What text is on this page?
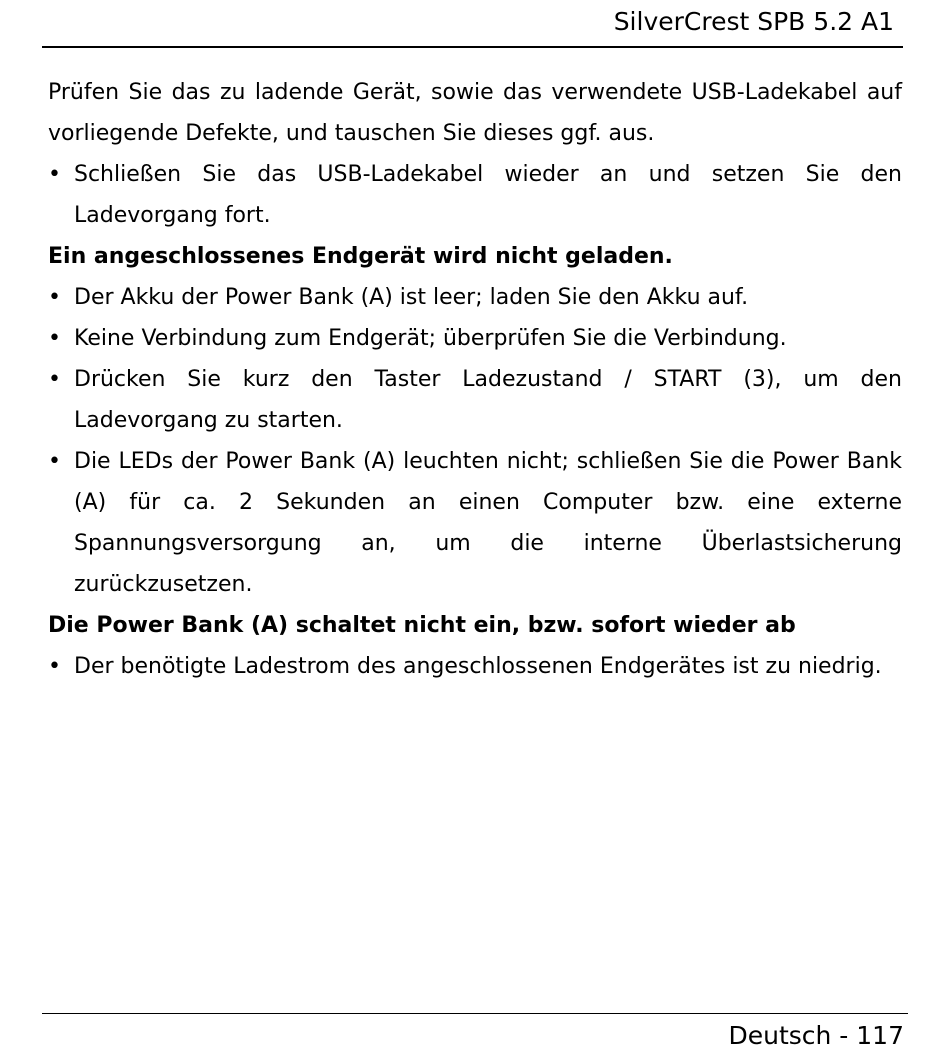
SilverCrest SPB 5.2 A1

Prüfen Sie das zu ladende Gerät, sowie das verwendete USB-Ladekabel auf vorliegende Defekte, und tauschen Sie dieses ggf. aus.

• Schließen Sie das USB-Ladekabel wieder an und setzen Sie den Ladevorgang fort.
Ein angeschlossenes Endgerät wird nicht geladen.
• Der Akku der Power Bank (A) ist leer; laden Sie den Akku auf.
• Keine Verbindung zum Endgerät; überprüfen Sie die Verbindung.
• Drücken Sie kurz den Taster Ladezustand / START (3), um den Ladevorgang zu starten.
• Die LEDs der Power Bank (A) leuchten nicht; schließen Sie die Power Bank (A) für ca. 2 Sekunden an einen Computer bzw. eine externe Spannungsversorgung an, um die interne Überlastsicherung zurückzusetzen.
Die Power Bank (A) schaltet nicht ein, bzw. sofort wieder ab
• Der benötigte Ladestrom des angeschlossenen Endgerätes ist zu niedrig.
Deutsch - 117
